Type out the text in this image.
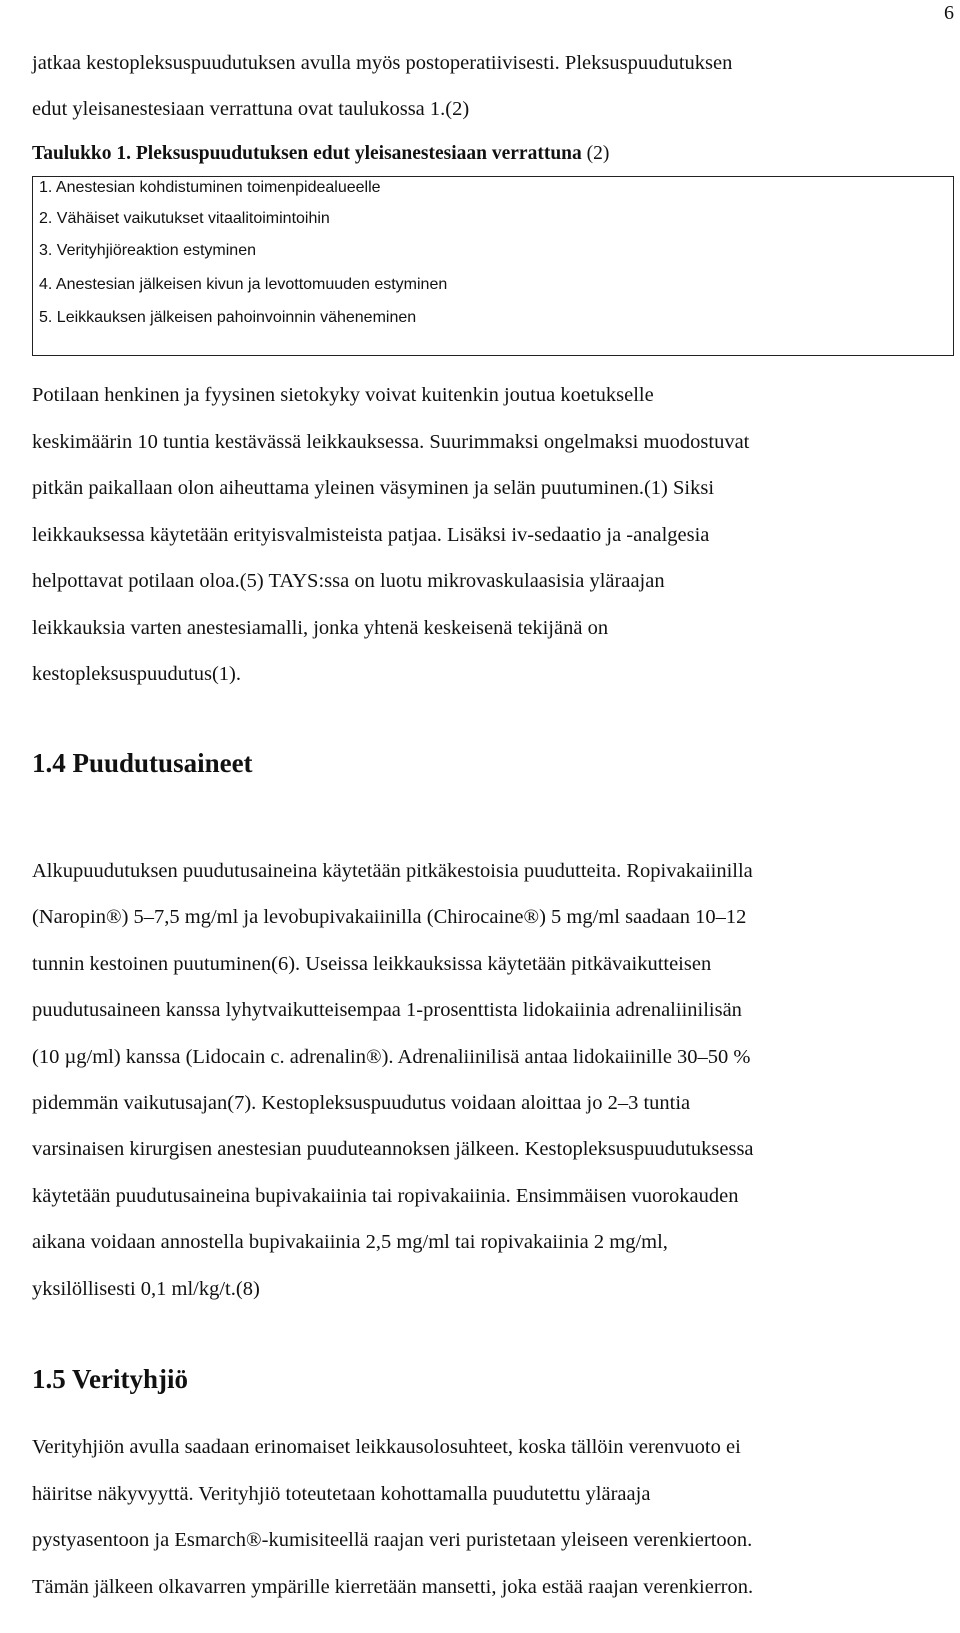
6
jatkaa kestopleksuspuudutuksen avulla myös postoperatiivisesti. Pleksuspuudutuksen
edut yleisanestesiaan verrattuna ovat taulukossa 1.(2)

Taulukko 1. Pleksuspuudutuksen edut yleisanestesiaan verrattuna (2)

1. Anestesian kohdistuminen toimenpidealueelle
2. Vähäiset vaikutukset vitaalitoimintoihin
3. Verityhjiöreaktion estyminen
4. Anestesian jälkeisen kivun ja levottomuuden estyminen
5. Leikkauksen jälkeisen pahoinvoinnin väheneminen
Potilaan henkinen ja fyysinen sietokyky voivat kuitenkin joutua koetukselle
keskimäärin 10 tuntia kestävässä leikkauksessa. Suurimmaksi ongelmaksi muodostuvat
pitkän paikallaan olon aiheuttama yleinen väsyminen ja selän puutuminen.(1) Siksi
leikkauksessa käytetään erityisvalmisteista patjaa. Lisäksi iv-sedaatio ja -analgesia
helpottavat potilaan oloa.(5) TAYS:ssa on luotu mikrovaskulaasisia yläraajan
leikkauksia varten anestesiamalli, jonka yhtenä keskeisenä tekijänä on
kestopleksuspuudutus(1).
1.4 Puudutusaineet
Alkupuudutuksen puudutusaineina käytetään pitkäkestoisia puudutteita. Ropivakaiinilla
(Naropin®) 5–7,5 mg/ml ja levobupivakaiinilla (Chirocaine®) 5 mg/ml saadaan 10–12
tunnin kestoinen puutuminen(6). Useissa leikkauksissa käytetään pitkävaikutteisen
puudutusaineen kanssa lyhytvaikutteisempaa 1-prosenttista lidokaiinia adrenaliinilisän
(10 µg/ml) kanssa (Lidocain c. adrenalin®). Adrenaliinilisä antaa lidokaiinille 30–50 %
pidemmän vaikutusajan(7). Kestopleksuspuudutus voidaan aloittaa jo 2–3 tuntia
varsinaisen kirurgisen anestesian puuduteannoksen jälkeen. Kestopleksuspuudutuksessa
käytetään puudutusaineina bupivakaiinia tai ropivakaiinia. Ensimmäisen vuorokauden
aikana voidaan annostella bupivakaiinia 2,5 mg/ml tai ropivakaiinia 2 mg/ml,
yksilöllisesti 0,1 ml/kg/t.(8)
1.5 Verityhjiö
Verityhjiön avulla saadaan erinomaiset leikkausolosuhteet, koska tällöin verenvuoto ei
häiritse näkyvyyttä. Verityhjiö toteutetaan kohottamalla puudutettu yläraaja
pystyasentoon ja Esmarch®-kumisiteellä raajan veri puristetaan yleiseen verenkiertoon.
Tämän jälkeen olkavarren ympärille kierretään mansetti, joka estää raajan verenkierron.
